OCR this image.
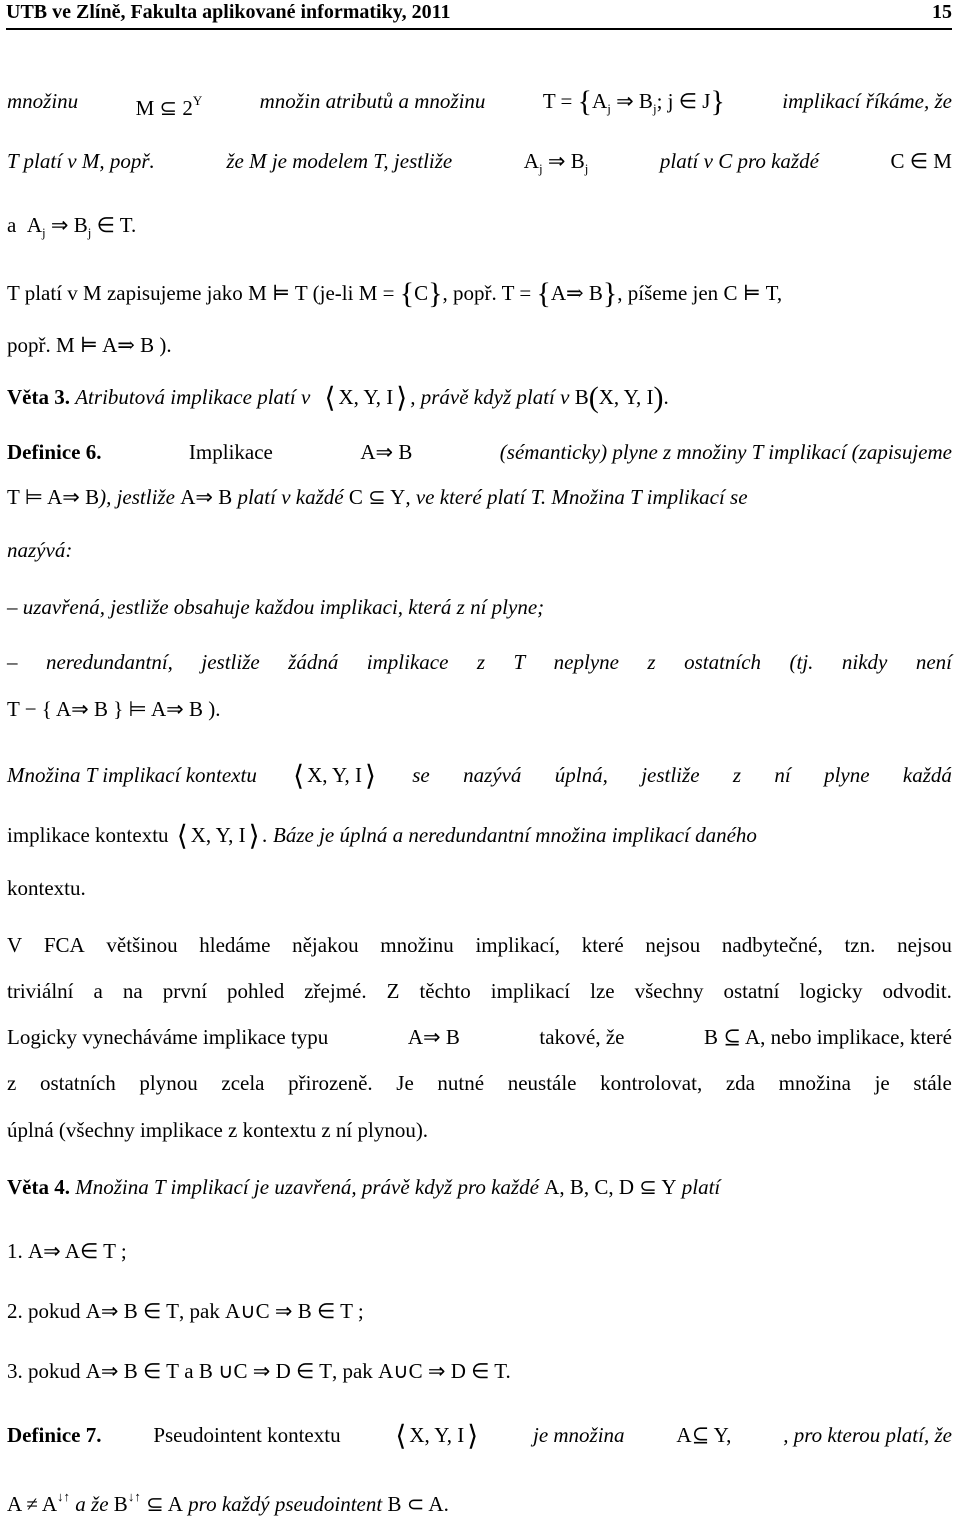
UTB ve Zlíně, Fakulta aplikované informatiky, 2011	15
množinu	M ⊆ $2^Y$	množin atributů a množinu	$T = \{A_j$ ⇒ $B_j$; j ∈ J}	implikací říkáme, že
T platí v M, popř.	že M je modelem T, jestliže	$A_j$ ⇒ $B_j$	platí v C pro každé	C ∈ M
a $A_j$ ⇒ $B_j$ ∈ T.
T platí v M zapisujeme jako M ⊨ T (je-li M = {C}, popř. T = {A⇒ B}, píšeme jen C ⊨ T,
popř. M ⊨ A⇒ B ).
Věta 3. Atributová implikace platí v ⟨ X, Y, I ⟩ , právě když platí v B(X, Y, I).
Definice 6.	Implikace	A⇒ B	(sémanticky) plyne z množiny T implikací (zapisujeme
T ⊨ A⇒ B), jestliže A⇒ B platí v každé C ⊆ Y, ve které platí T. Množina T implikací se
nazývá:
– uzavřená, jestliže obsahuje každou implikaci, která z ní plyne;
– neredundantní, jestliže žádná implikace z T neplyne z ostatních (tj. nikdy není
T − { A⇒ B } ⊨ A⇒ B ).
Množina T implikací kontextu ⟨ X, Y, I ⟩ se nazývá úplná, jestliže z ní plyne každá
implikace kontextu ⟨ X, Y, I ⟩ . Báze je úplná a neredundantní množina implikací daného
kontextu.
V FCA většinou hledáme nějakou množinu implikací, které nejsou nadbytečné, tzn. nejsou
triviální a na první pohled zřejmé. Z těchto implikací lze všechny ostatní logicky odvodit.
Logicky vynecháváme implikace typu	A⇒ B	takové, že	B ⊆ A, nebo implikace, které
z ostatních plynou zcela přirozeně. Je nutné neustále kontrolovat, zda množina je stále
úplná (všechny implikace z kontextu z ní plynou).
Věta 4. Množina T implikací je uzavřená, právě když pro každé A, B, C, D ⊆ Y platí
1. A⇒ A∈ T ;
2. pokud A⇒ B ∈ T, pak A∪C ⇒ B ∈ T ;
3. pokud A⇒ B ∈ T a B ∪C ⇒ D ∈ T, pak A∪C ⇒ D ∈ T.
Definice 7. Pseudointent kontextu ⟨ X, Y, I ⟩	je množina A⊆ Y, , pro kterou platí, že
A ≠ A↓↑ a že B↓↑ ⊆ A pro každý pseudointent B ⊂ A.
